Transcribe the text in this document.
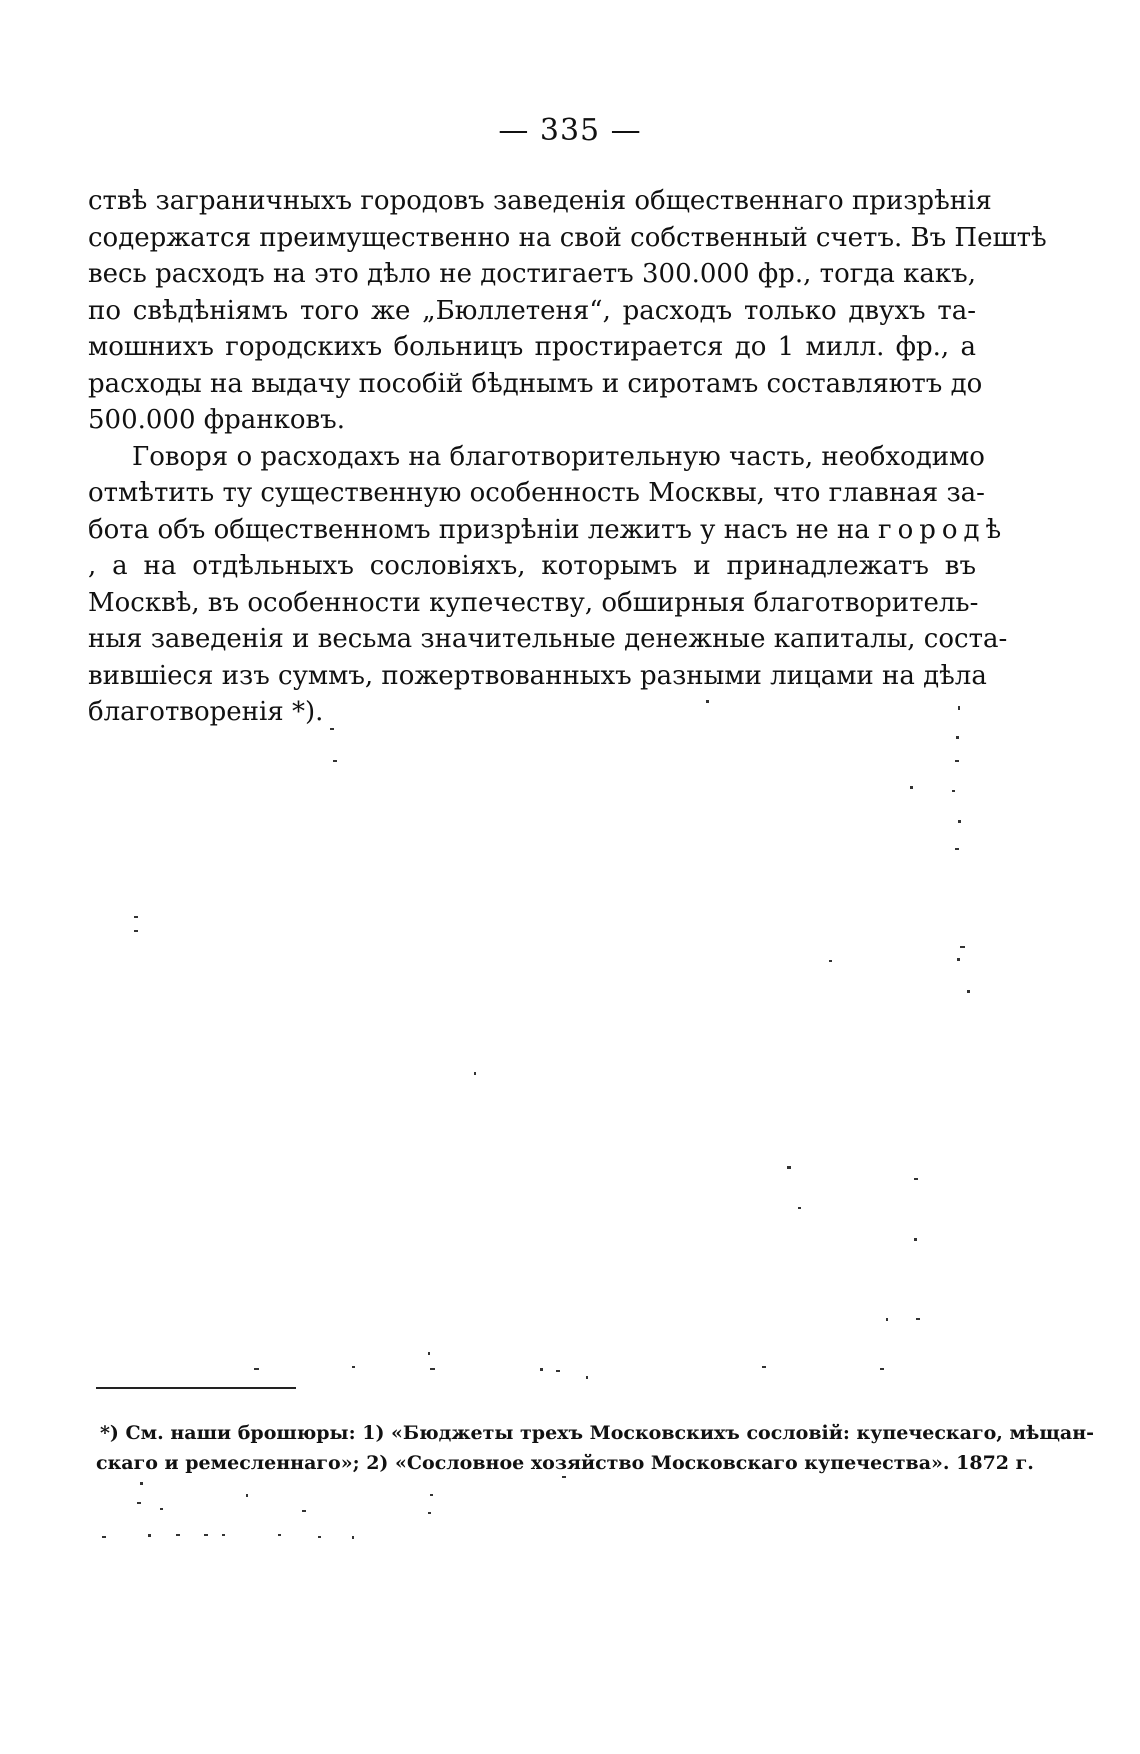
— 335 —
ствѣ заграничныхъ городовъ заведенія общественнаго призрѣнія
содержатся преимущественно на свой собственный счетъ. Въ Пештѣ
весь расходъ на это дѣло не достигаетъ 300.000 фр., тогда какъ,
по свѣдѣніямъ того же „Бюллетеня“, расходъ только двухъ та-
мошнихъ городскихъ больницъ простирается до 1 милл. фр., а
расходы на выдачу пособій бѣднымъ и сиротамъ составляютъ до
500.000 франковъ.
Говоря о расходахъ на благотворительную часть, необходимо
отмѣтить ту существенную особенность Москвы, что главная за-
бота объ общественномъ призрѣніи лежитъ у насъ не на городѣ
, а на отдѣльныхъ сословіяхъ, которымъ и принадлежатъ въ
Москвѣ, въ особенности купечеству, обширныя благотворитель-
ныя заведенія и весьма значительные денежные капиталы, соста-
вившіеся изъ суммъ, пожертвованныхъ разными лицами на дѣла
благотворенія *).
*) См. наши брошюры: 1) «Бюджеты трехъ Московскихъ сословій: купеческаго, мѣщан-
скаго и ремесленнаго»; 2) «Сословное хозяйство Московскаго купечества». 1872 г.
